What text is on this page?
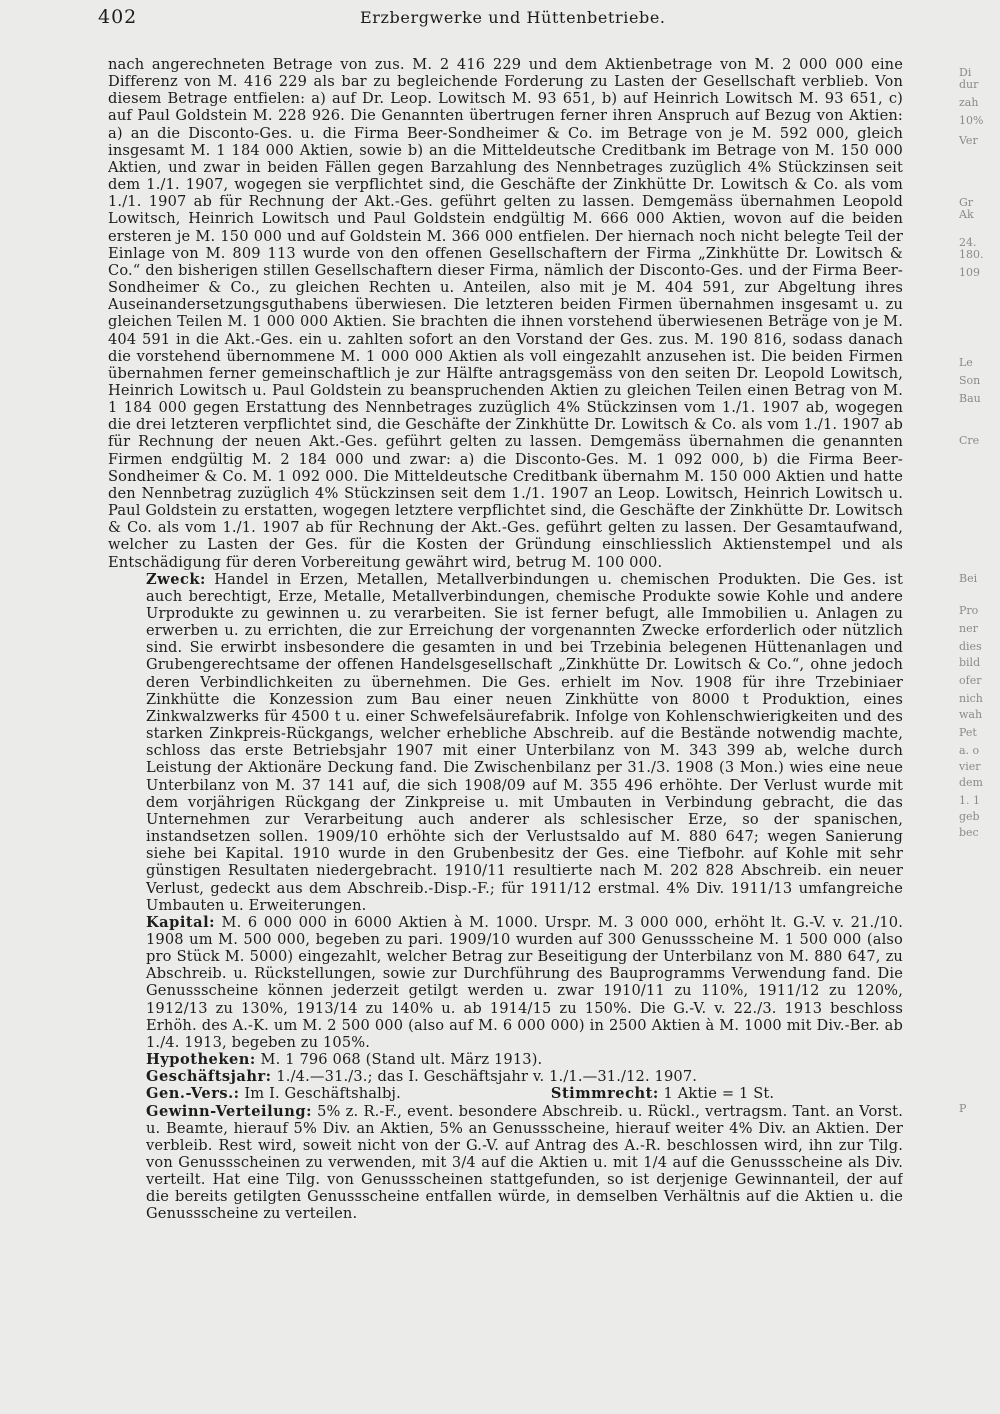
402	Erzbergwerke und Hüttenbetriebe.

nach angerechneten Betrage von zus. M. 2 416 229 und dem Aktienbetrage von M. 2 000 000 eine Differenz von M. 416 229 als bar zu begleichende Forderung zu Lasten der Gesellschaft verblieb. Von diesem Betrage entfielen: a) auf Dr. Leop. Lowitsch M. 93 651, b) auf Heinrich Lowitsch M. 93 651, c) auf Paul Goldstein M. 228 926. Die Genannten übertrugen ferner ihren Anspruch auf Bezug von Aktien: a) an die Disconto-Ges. u. die Firma Beer-Sondheimer & Co. im Betrage von je M. 592 000, gleich insgesamt M. 1 184 000 Aktien, sowie b) an die Mitteldeutsche Creditbank im Betrage von M. 150 000 Aktien, und zwar in beiden Fällen gegen Barzahlung des Nennbetrages zuzüglich 4% Stückzinsen seit dem 1./1. 1907, wogegen sie verpflichtet sind, die Geschäfte der Zinkhütte Dr. Lowitsch & Co. als vom 1./1. 1907 ab für Rechnung der Akt.-Ges. geführt gelten zu lassen. Demgemäss übernahmen Leopold Lowitsch, Heinrich Lowitsch und Paul Goldstein endgültig M. 666 000 Aktien, wovon auf die beiden ersteren je M. 150 000 und auf Goldstein M. 366 000 entfielen. Der hiernach noch nicht belegte Teil der Einlage von M. 809 113 wurde von den offenen Gesellschaftern der Firma „Zinkhütte Dr. Lowitsch & Co.“ den bisherigen stillen Gesellschaftern dieser Firma, nämlich der Disconto-Ges. und der Firma Beer-Sondheimer & Co., zu gleichen Rechten u. Anteilen, also mit je M. 404 591, zur Abgeltung ihres Auseinandersetzungsguthabens überwiesen. Die letzteren beiden Firmen übernahmen insgesamt u. zu gleichen Teilen M. 1 000 000 Aktien. Sie brachten die ihnen vorstehend überwiesenen Beträge von je M. 404 591 in die Akt.-Ges. ein u. zahlten sofort an den Vorstand der Ges. zus. M. 190 816, sodass danach die vorstehend übernommene M. 1 000 000 Aktien als voll eingezahlt anzusehen ist. Die beiden Firmen übernahmen ferner gemeinschaftlich je zur Hälfte antragsgemäss von den seiten Dr. Leopold Lowitsch, Heinrich Lowitsch u. Paul Goldstein zu beanspruchenden Aktien zu gleichen Teilen einen Betrag von M. 1 184 000 gegen Erstattung des Nennbetrages zuzüglich 4% Stückzinsen vom 1./1. 1907 ab, wogegen die drei letzteren verpflichtet sind, die Geschäfte der Zinkhütte Dr. Lowitsch & Co. als vom 1./1. 1907 ab für Rechnung der neuen Akt.-Ges. geführt gelten zu lassen. Demgemäss übernahmen die genannten Firmen endgültig M. 2 184 000 und zwar: a) die Disconto-Ges. M. 1 092 000, b) die Firma Beer-Sondheimer & Co. M. 1 092 000. Die Mitteldeutsche Creditbank übernahm M. 150 000 Aktien und hatte den Nennbetrag zuzüglich 4% Stückzinsen seit dem 1./1. 1907 an Leop. Lowitsch, Heinrich Lowitsch u. Paul Goldstein zu erstatten, wogegen letztere verpflichtet sind, die Geschäfte der Zinkhütte Dr. Lowitsch & Co. als vom 1./1. 1907 ab für Rechnung der Akt.-Ges. geführt gelten zu lassen. Der Gesamtaufwand, welcher zu Lasten der Ges. für die Kosten der Gründung einschliesslich Aktienstempel und als Entschädigung für deren Vorbereitung gewährt wird, betrug M. 100 000.

Zweck: Handel in Erzen, Metallen, Metallverbindungen u. chemischen Produkten. Die Ges. ist auch berechtigt, Erze, Metalle, Metallverbindungen, chemische Produkte sowie Kohle und andere Urprodukte zu gewinnen u. zu verarbeiten. Sie ist ferner befugt, alle Immobilien u. Anlagen zu erwerben u. zu errichten, die zur Erreichung der vorgenannten Zwecke erforderlich oder nützlich sind. Sie erwirbt insbesondere die gesamten in und bei Trzebinia belegenen Hüttenanlagen und Grubengerechtsame der offenen Handelsgesellschaft „Zinkhütte Dr. Lowitsch & Co.“, ohne jedoch deren Verbindlichkeiten zu übernehmen. Die Ges. erhielt im Nov. 1908 für ihre Trzebiniaer Zinkhütte die Konzession zum Bau einer neuen Zinkhütte von 8000 t Produktion, eines Zinkwalzwerks für 4500 t u. einer Schwefelsäurefabrik. Infolge von Kohlenschwierigkeiten und des starken Zinkpreis-Rückgangs, welcher erhebliche Abschreib. auf die Bestände notwendig machte, schloss das erste Betriebsjahr 1907 mit einer Unterbilanz von M. 343 399 ab, welche durch Leistung der Aktionäre Deckung fand. Die Zwischenbilanz per 31./3. 1908 (3 Mon.) wies eine neue Unterbilanz von M. 37 141 auf, die sich 1908/09 auf M. 355 496 erhöhte. Der Verlust wurde mit dem vorjährigen Rückgang der Zinkpreise u. mit Umbauten in Verbindung gebracht, die das Unternehmen zur Verarbeitung auch anderer als schlesischer Erze, so der spanischen, instandsetzen sollen. 1909/10 erhöhte sich der Verlustsaldo auf M. 880 647; wegen Sanierung siehe bei Kapital. 1910 wurde in den Grubenbesitz der Ges. eine Tiefbohr. auf Kohle mit sehr günstigen Resultaten niedergebracht. 1910/11 resultierte nach M. 202 828 Abschreib. ein neuer Verlust, gedeckt aus dem Abschreib.-Disp.-F.; für 1911/12 erstmal. 4% Div. 1911/13 umfangreiche Umbauten u. Erweiterungen.

Kapital: M. 6 000 000 in 6000 Aktien à M. 1000. Urspr. M. 3 000 000, erhöht lt. G.-V. v. 21./10. 1908 um M. 500 000, begeben zu pari. 1909/10 wurden auf 300 Genussscheine M. 1 500 000 (also pro Stück M. 5000) eingezahlt, welcher Betrag zur Beseitigung der Unterbilanz von M. 880 647, zu Abschreib. u. Rückstellungen, sowie zur Durchführung des Bauprogramms Verwendung fand. Die Genussscheine können jederzeit getilgt werden u. zwar 1910/11 zu 110%, 1911/12 zu 120%, 1912/13 zu 130%, 1913/14 zu 140% u. ab 1914/15 zu 150%. Die G.-V. v. 22./3. 1913 beschloss Erhöh. des A.-K. um M. 2 500 000 (also auf M. 6 000 000) in 2500 Aktien à M. 1000 mit Div.-Ber. ab 1./4. 1913, begeben zu 105%.

Hypotheken: M. 1 796 068 (Stand ult. März 1913).

Geschäftsjahr: 1./4.—31./3.; das I. Geschäftsjahr v. 1./1.—31./12. 1907.

Gen.-Vers.: Im I. Geschäftshalbj.	Stimmrecht: 1 Aktie = 1 St.

Gewinn-Verteilung: 5% z. R.-F., event. besondere Abschreib. u. Rückl., vertragsm. Tant. an Vorst. u. Beamte, hierauf 5% Div. an Aktien, 5% an Genussscheine, hierauf weiter 4% Div. an Aktien. Der verbleib. Rest wird, soweit nicht von der G.-V. auf Antrag des A.-R. beschlossen wird, ihn zur Tilg. von Genussscheinen zu verwenden, mit 3/4 auf die Aktien u. mit 1/4 auf die Genussscheine als Div. verteilt. Hat eine Tilg. von Genussscheinen stattgefunden, so ist derjenige Gewinnanteil, der auf die bereits getilgten Genussscheine entfallen würde, in demselben Verhältnis auf die Aktien u. die Genussscheine zu verteilen.

Di
dur
zah
10%
Ver
Gr
Ak
24.
180.
109
Le
Son
Bau
Cre
Bei
Pro
ner
dies
bild
ofer
nich
wah
Pet
a. o
vier
dem
1. 1
geb
bec
P
